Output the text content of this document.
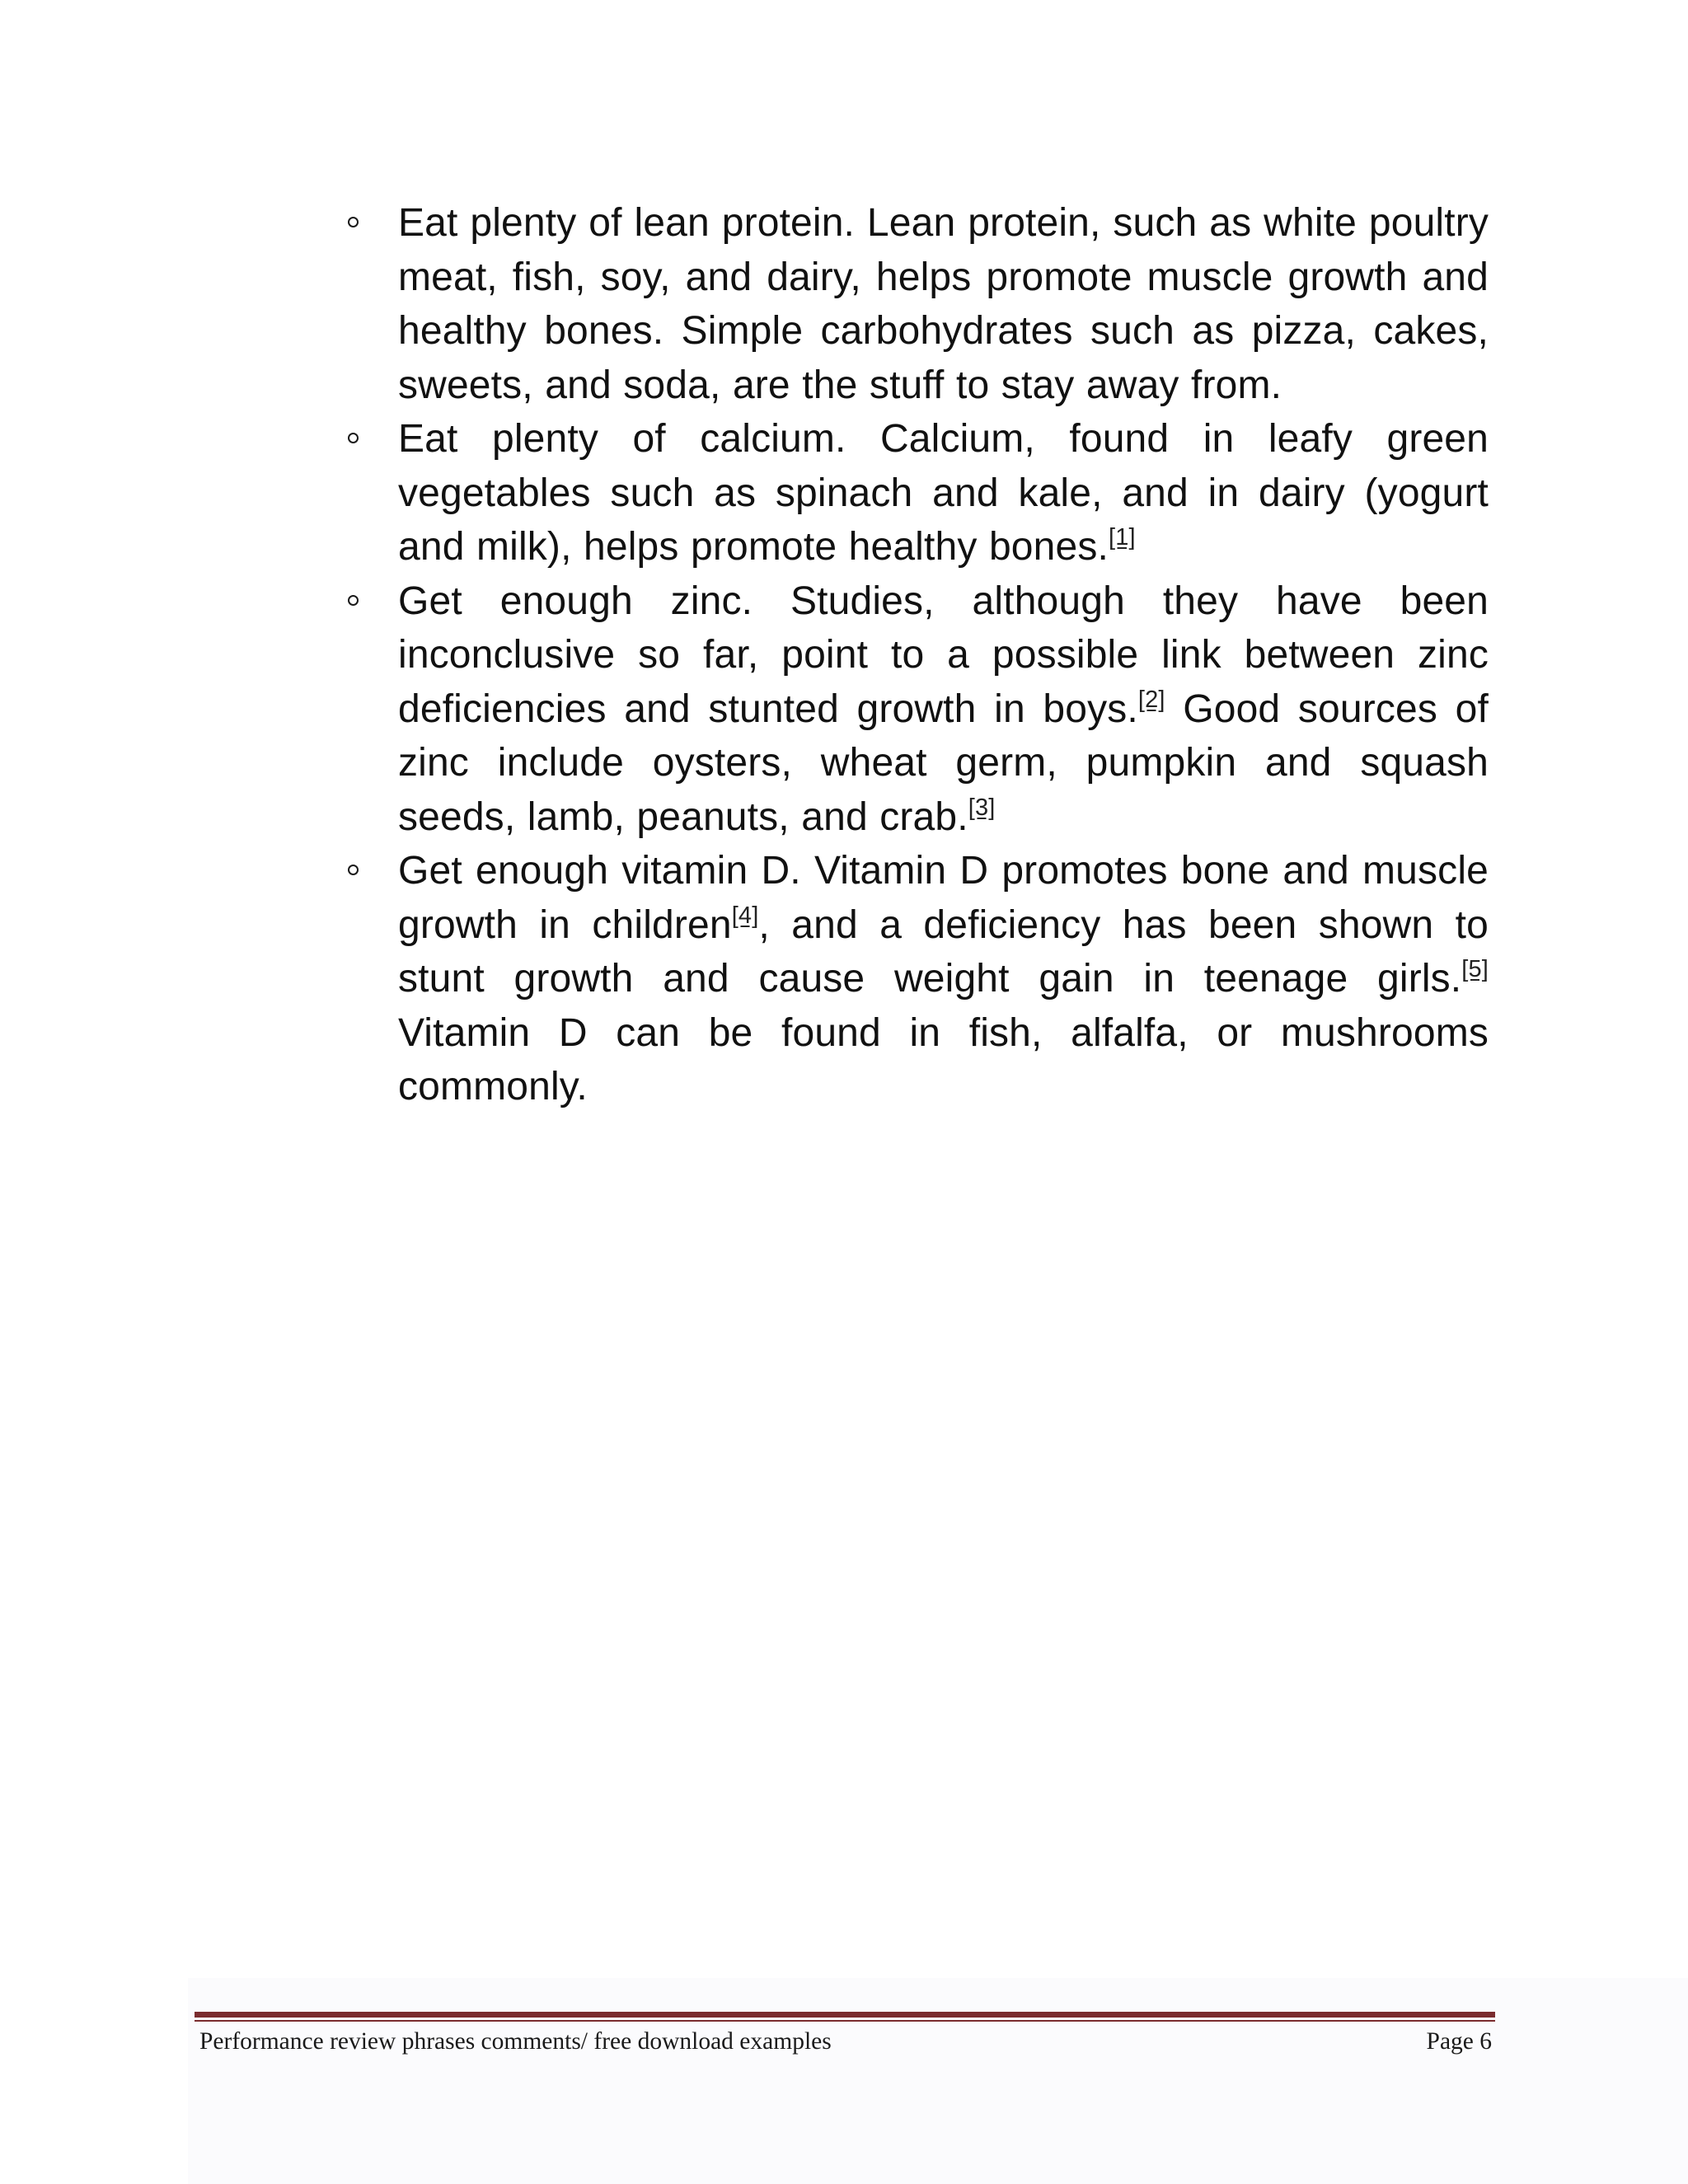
Eat plenty of lean protein. Lean protein, such as white poultry meat, fish, soy, and dairy, helps promote muscle growth and healthy bones. Simple carbohydrates such as pizza, cakes, sweets, and soda, are the stuff to stay away from.
Eat plenty of calcium. Calcium, found in leafy green vegetables such as spinach and kale, and in dairy (yogurt and milk), helps promote healthy bones.[1]
Get enough zinc. Studies, although they have been inconclusive so far, point to a possible link between zinc deficiencies and stunted growth in boys.[2] Good sources of zinc include oysters, wheat germ, pumpkin and squash seeds, lamb, peanuts, and crab.[3]
Get enough vitamin D. Vitamin D promotes bone and muscle growth in children[4], and a deficiency has been shown to stunt growth and cause weight gain in teenage girls.[5] Vitamin D can be found in fish, alfalfa, or mushrooms commonly.
Performance review phrases comments/ free download examples	Page 6
